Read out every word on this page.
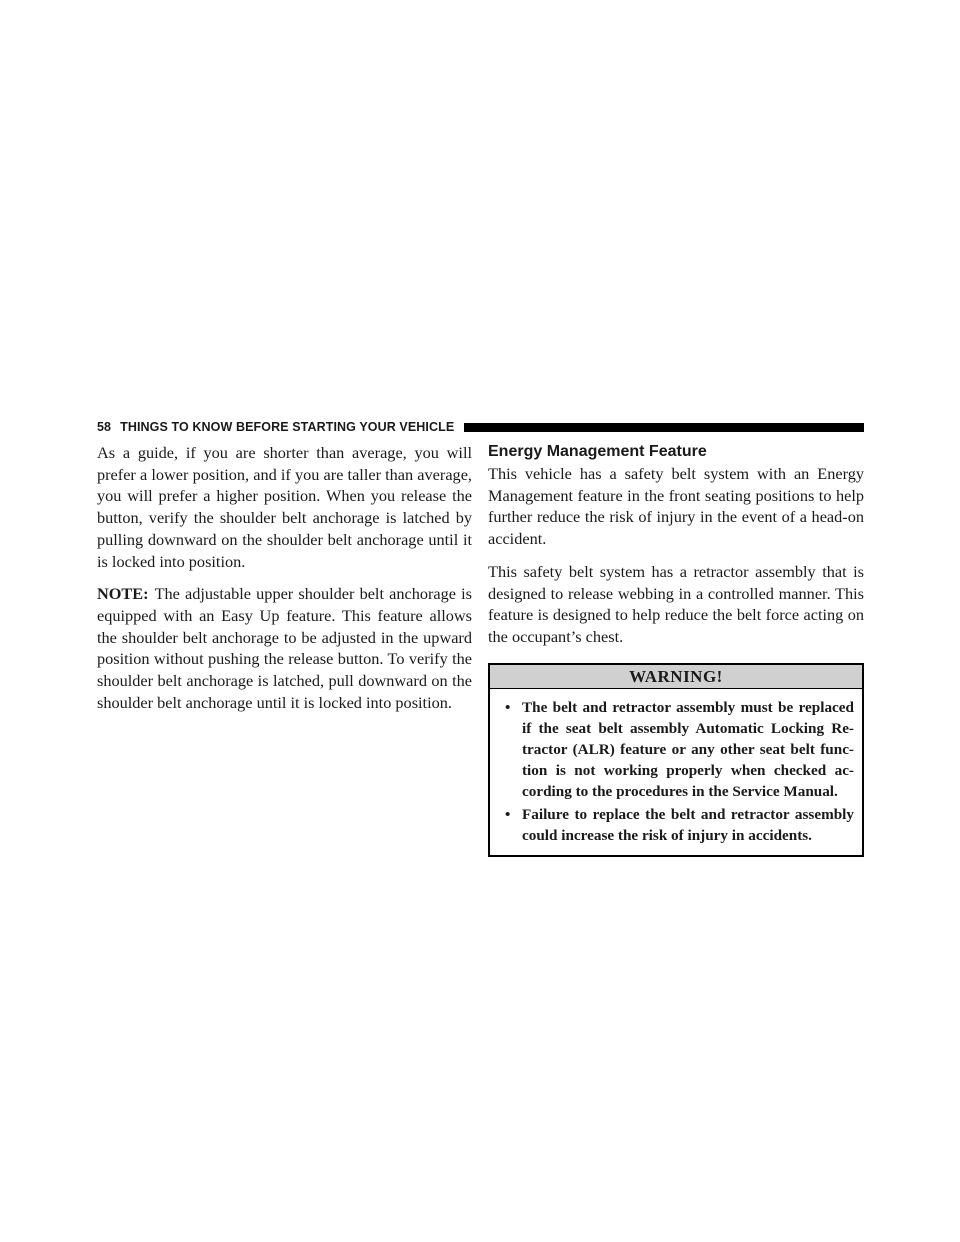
58 THINGS TO KNOW BEFORE STARTING YOUR VEHICLE

As a guide, if you are shorter than average, you will prefer a lower position, and if you are taller than average, you will prefer a higher position. When you release the button, verify the shoulder belt anchorage is latched by pulling downward on the shoulder belt anchorage until it is locked into position.

NOTE: The adjustable upper shoulder belt anchorage is equipped with an Easy Up feature. This feature allows the shoulder belt anchorage to be adjusted in the upward position without pushing the release button. To verify the shoulder belt anchorage is latched, pull downward on the shoulder belt anchorage until it is locked into position.

Energy Management Feature

This vehicle has a safety belt system with an Energy Management feature in the front seating positions to help further reduce the risk of injury in the event of a head-on accident.

This safety belt system has a retractor assembly that is designed to release webbing in a controlled manner. This feature is designed to help reduce the belt force acting on the occupant’s chest.

WARNING!
• The belt and retractor assembly must be replaced if the seat belt assembly Automatic Locking Re-tractor (ALR) feature or any other seat belt func-tion is not working properly when checked ac-cording to the procedures in the Service Manual.
• Failure to replace the belt and retractor assembly could increase the risk of injury in accidents.
